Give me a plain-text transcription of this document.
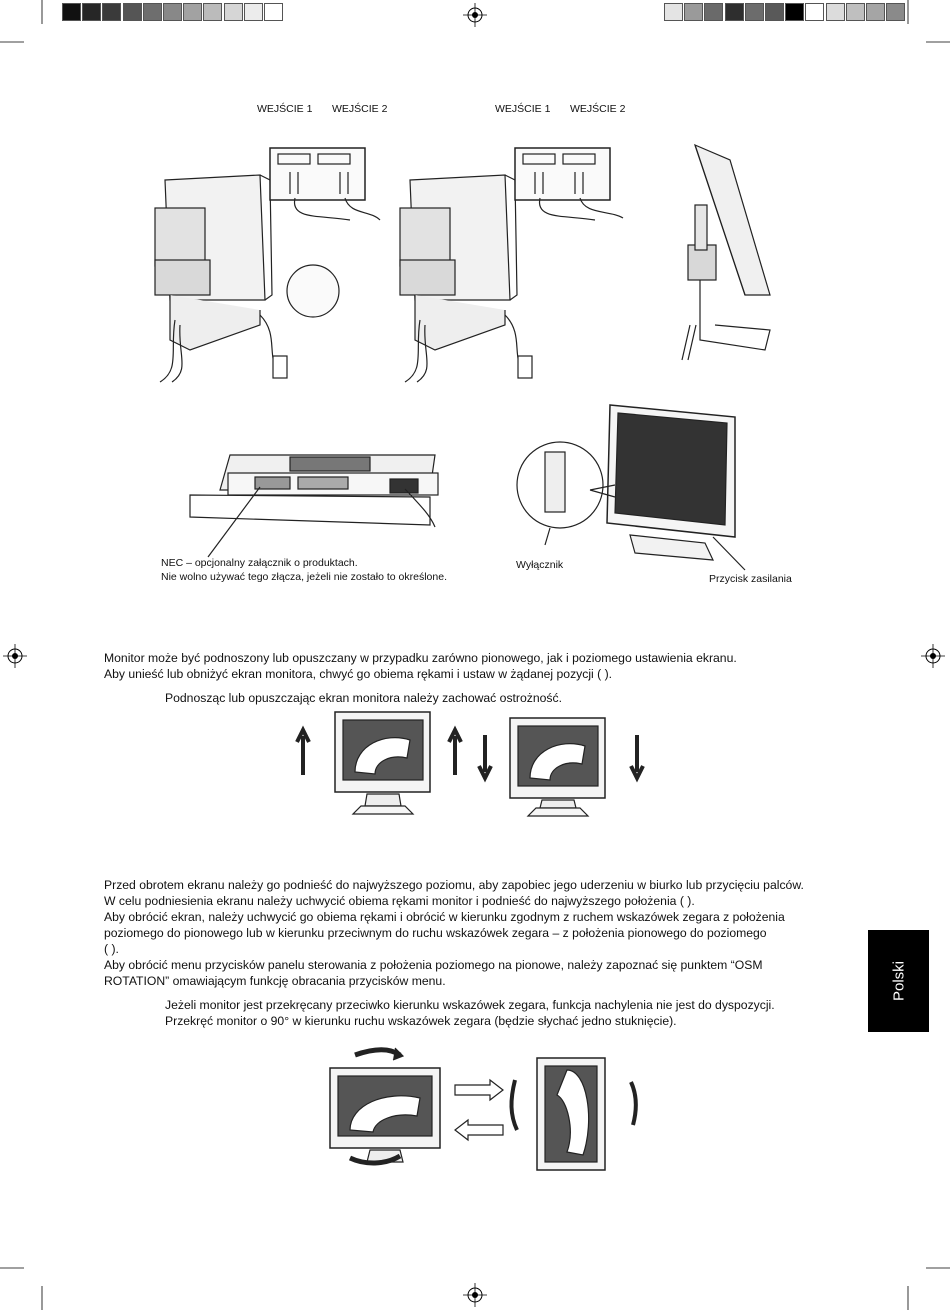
WEJŚCIE 1 WEJŚCIE 2	WEJŚCIE 1 WEJŚCIE 2
NEC – opcjonalny załącznik o produktach.
Nie wolno używać tego złącza, jeżeli nie zostało to określone.
Wyłącznik
Przycisk zasilania
Monitor może być podnoszony lub opuszczany w przypadku zarówno pionowego, jak i poziomego ustawienia ekranu.
Aby unieść lub obniżyć ekran monitora, chwyć go obiema rękami i ustaw w żądanej pozycji ( ).
Podnosząc lub opuszczając ekran monitora należy zachować ostrożność.
Przed obrotem ekranu należy go podnieść do najwyższego poziomu, aby zapobiec jego uderzeniu w biurko lub przycięciu palców.
W celu podniesienia ekranu należy uchwycić obiema rękami monitor i podnieść do najwyższego położenia ( ).
Aby obrócić ekran, należy uchwycić go obiema rękami i obrócić w kierunku zgodnym z ruchem wskazówek zegara z położenia
poziomego do pionowego lub w kierunku przeciwnym do ruchu wskazówek zegara – z położenia pionowego do poziomego
( ).
Aby obrócić menu przycisków panelu sterowania z położenia poziomego na pionowe, należy zapoznać się punktem “OSM
ROTATION” omawiającym funkcję obracania przycisków menu.
Jeżeli monitor jest przekręcany przeciwko kierunku wskazówek zegara, funkcja nachylenia nie jest do dyspozycji.
Przekręć monitor o 90° w kierunku ruchu wskazówek zegara (będzie słychać jedno stuknięcie).
Polski
